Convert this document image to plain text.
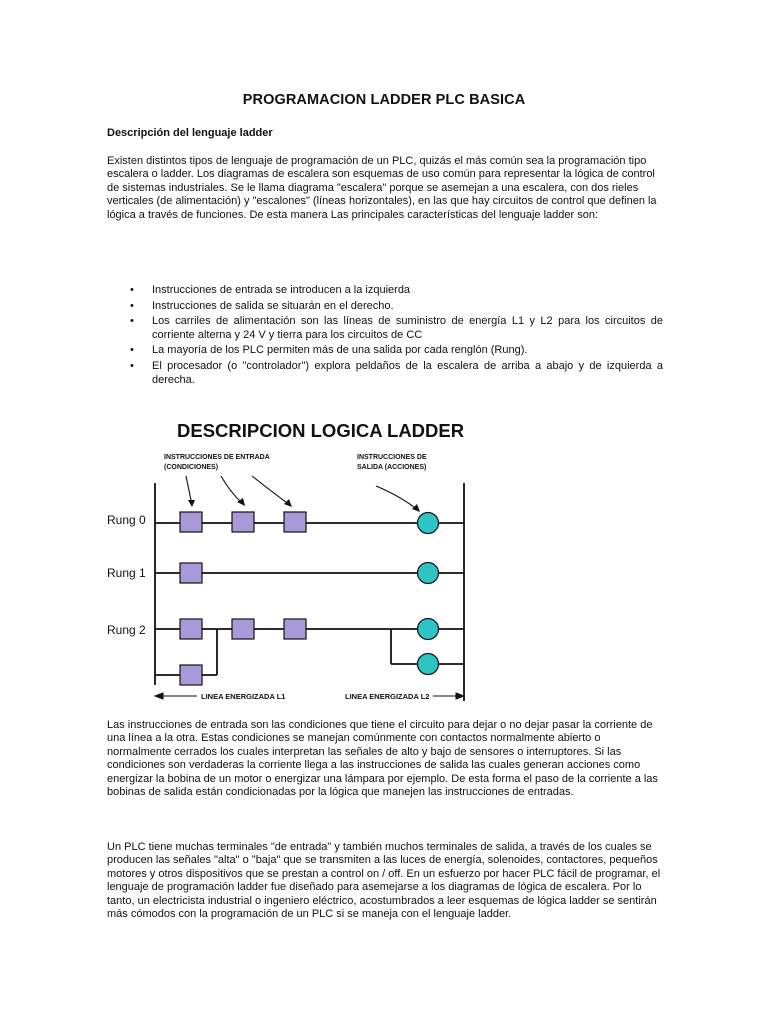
PROGRAMACION LADDER PLC BASICA
Descripción del lenguaje ladder

Existen distintos tipos de lenguaje de programación de un PLC, quizás el más común sea la programación tipo escalera o ladder. Los diagramas de escalera son esquemas de uso común para representar la lógica de control de sistemas industriales. Se le llama diagrama "escalera" porque se asemejan a una escalera, con dos rieles verticales (de alimentación) y "escalones" (líneas horizontales), en las que hay circuitos de control que definen la lógica a través de funciones. De esta manera Las principales características del lenguaje ladder son:

• Instrucciones de entrada se introducen a la izquierda
• Instrucciones de salida se situarán en el derecho.
• Los carriles de alimentación son las líneas de suministro de energía L1 y L2 para los circuitos de corriente alterna y 24 V y tierra para los circuitos de CC
• La mayoría de los PLC permiten más de una salida por cada renglón (Rung).
• El procesador (o "controlador") explora peldaños de la escalera de arriba a abajo y de izquierda a derecha.
DESCRIPCION LOGICA LADDER
INSTRUCCIONES DE ENTRADA
(CONDICIONES)
INSTRUCCIONES DE
SALIDA (ACCIONES)
Rung 0
Rung 1
Rung 2
LINEA ENERGIZADA L1	LINEA ENERGIZADA L2

Las instrucciones de entrada son las condiciones que tiene el circuito para dejar o no dejar pasar la corriente de una línea a la otra. Estas condiciones se manejan comúnmente con contactos normalmente abierto o normalmente cerrados los cuales interpretan las señales de alto y bajo de sensores o interruptores. Si las condiciones son verdaderas la corriente llega a las instrucciones de salida las cuales generan acciones como energizar la bobina de un motor o energizar una lámpara por ejemplo. De esta forma el paso de la corriente a las bobinas de salida están condicionadas por la lógica que manejen las instrucciones de entradas.

Un PLC tiene muchas terminales "de entrada" y también muchos terminales de salida, a través de los cuales se producen las señales "alta" o "baja" que se transmiten a las luces de energía, solenoides, contactores, pequeños motores y otros dispositivos que se prestan a control on / off. En un esfuerzo por hacer PLC fácil de programar, el lenguaje de programación ladder fue diseñado para asemejarse a los diagramas de lógica de escalera. Por lo tanto, un electricista industrial o ingeniero eléctrico, acostumbrados a leer esquemas de lógica ladder se sentirán más cómodos con la programación de un PLC si se maneja con el lenguaje ladder.
